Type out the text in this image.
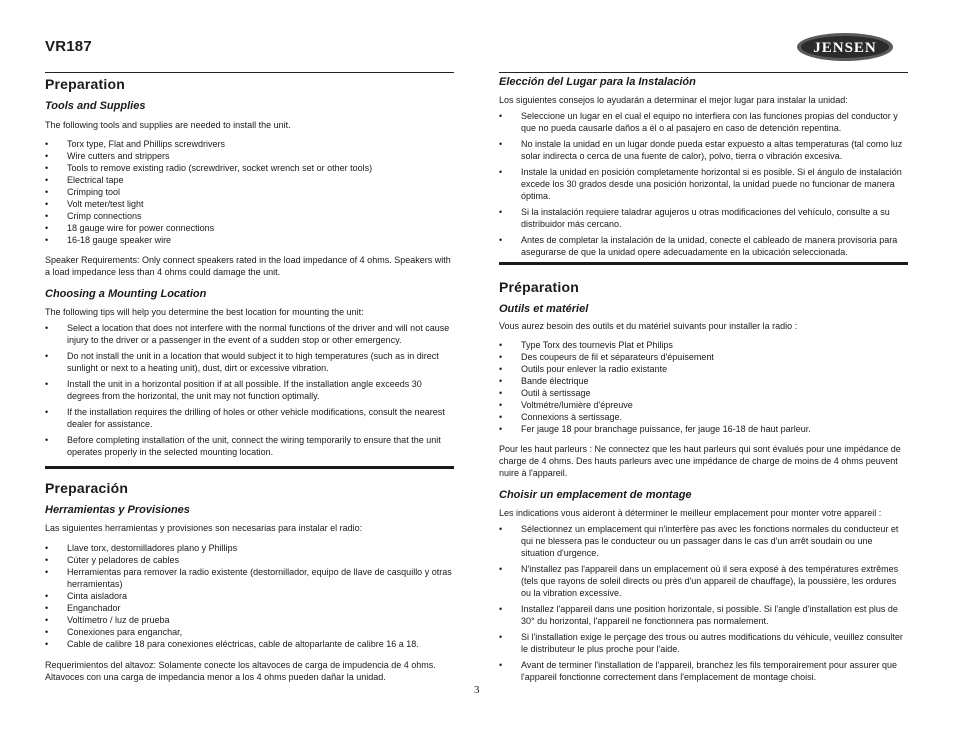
VR187	JENSEN
Preparation
Tools and Supplies

The following tools and supplies are needed to install the unit.

• Torx type, Flat and Phillips screwdrivers
• Wire cutters and strippers
• Tools to remove existing radio (screwdriver, socket wrench set or other tools)
• Electrical tape
• Crimping tool
• Volt meter/test light
• Crimp connections
• 18 gauge wire for power connections
• 16-18 gauge speaker wire

Speaker Requirements: Only connect speakers rated in the load impedance of 4 ohms. Speakers with a load impedance less than 4 ohms could damage the unit.

Choosing a Mounting Location

The following tips will help you determine the best location for mounting the unit:

• Select a location that does not interfere with the normal functions of the driver and will not cause injury to the driver or a passenger in the event of a sudden stop or other emergency.
• Do not install the unit in a location that would subject it to high temperatures (such as in direct sunlight or next to a heating unit), dust, dirt or excessive vibration.
• Install the unit in a horizontal position if at all possible. If the installation angle exceeds 30 degrees from the horizontal, the unit may not function optimally.
• If the installation requires the drilling of holes or other vehicle modifications, consult the nearest dealer for assistance.
• Before completing installation of the unit, connect the wiring temporarily to ensure that the unit operates properly in the selected mounting location.
Preparación
Herramientas y Provisiones

Las siguientes herramientas y provisiones son necesarias para instalar el radio:

• Llave torx, destornilladores plano y Phillips
• Cúter y peladores de cables
• Herramientas para remover la radio existente (destornillador, equipo de llave de casquillo y otras herramientas)
• Cinta aisladora
• Enganchador
• Voltímetro / luz de prueba
• Conexiones para enganchar,
• Cable de calibre 18 para conexiones eléctricas, cable de altoparlante de calibre 16 a 18.

Requerimientos del altavoz: Solamente conecte los altavoces de carga de impudencia de 4 ohms. Altavoces con una carga de impedancia menor a los 4 ohms pueden dañar la unidad.

Elección del Lugar para la Instalación

Los siguientes consejos lo ayudarán a determinar el mejor lugar para instalar la unidad:

• Seleccione un lugar en el cual el equipo no interfiera con las funciones propias del conductor y que no pueda causarle daños a él o al pasajero en caso de detención repentina.
• No instale la unidad en un lugar donde pueda estar expuesto a altas temperaturas (tal como luz solar indirecta o cerca de una fuente de calor), polvo, tierra o vibración excesiva.
• Instale la unidad en posición completamente horizontal si es posible. Si el ángulo de instalación excede los 30 grados desde una posición horizontal, la unidad puede no funcionar de manera óptima.
• Si la instalación requiere taladrar agujeros u otras modificaciones del vehículo, consulte a su distribuidor más cercano.
• Antes de completar la instalación de la unidad, conecte el cableado de manera provisoria para asegurarse de que la unidad opere adecuadamente en la ubicación seleccionada.
Préparation
Outils et matériel

Vous aurez besoin des outils et du matériel suivants pour installer la radio :

• Type Torx des tournevis Plat et Philips
• Des coupeurs de fil et séparateurs d'épuisement
• Outils pour enlever la radio existante
• Bande électrique
• Outil à sertissage
• Voltmétre/lumière d'épreuve
• Connexions à sertissage.
• Fer jauge 18 pour branchage puissance, fer jauge 16-18 de haut parleur.

Pour les haut parleurs : Ne connectez que les haut parleurs qui sont évalués pour une impédance de charge de 4 ohms. Des hauts parleurs avec une impédance de charge de moins de 4 ohms peuvent nuire à l'appareil.

Choisir un emplacement de montage

Les indications vous aideront à déterminer le meilleur emplacement pour monter votre appareil :

• Sélectionnez un emplacement qui n'interfère pas avec les fonctions normales du conducteur et qui ne blessera pas le conducteur ou un passager dans le cas d'un arrêt soudain ou une situation d'urgence.
• N'installez pas l'appareil dans un emplacement où il sera exposé à des températures extrêmes (tels que rayons de soleil directs ou près d'un appareil de chauffage), la poussière, les ordures ou la vibration excessive.
• Installez l'appareil dans une position horizontale, si possible. Si l'angle d'installation est plus de 30° du horizontal, l'appareil ne fonctionnera pas normalement.
• Si l'installation exige le perçage des trous ou autres modifications du véhicule, veuillez consulter le distributeur le plus proche pour l'aide.
• Avant de terminer l'installation de l'appareil, branchez les fils temporairement pour assurer que l'appareil fonctionne correctement dans l'emplacement de montage choisi.
3
